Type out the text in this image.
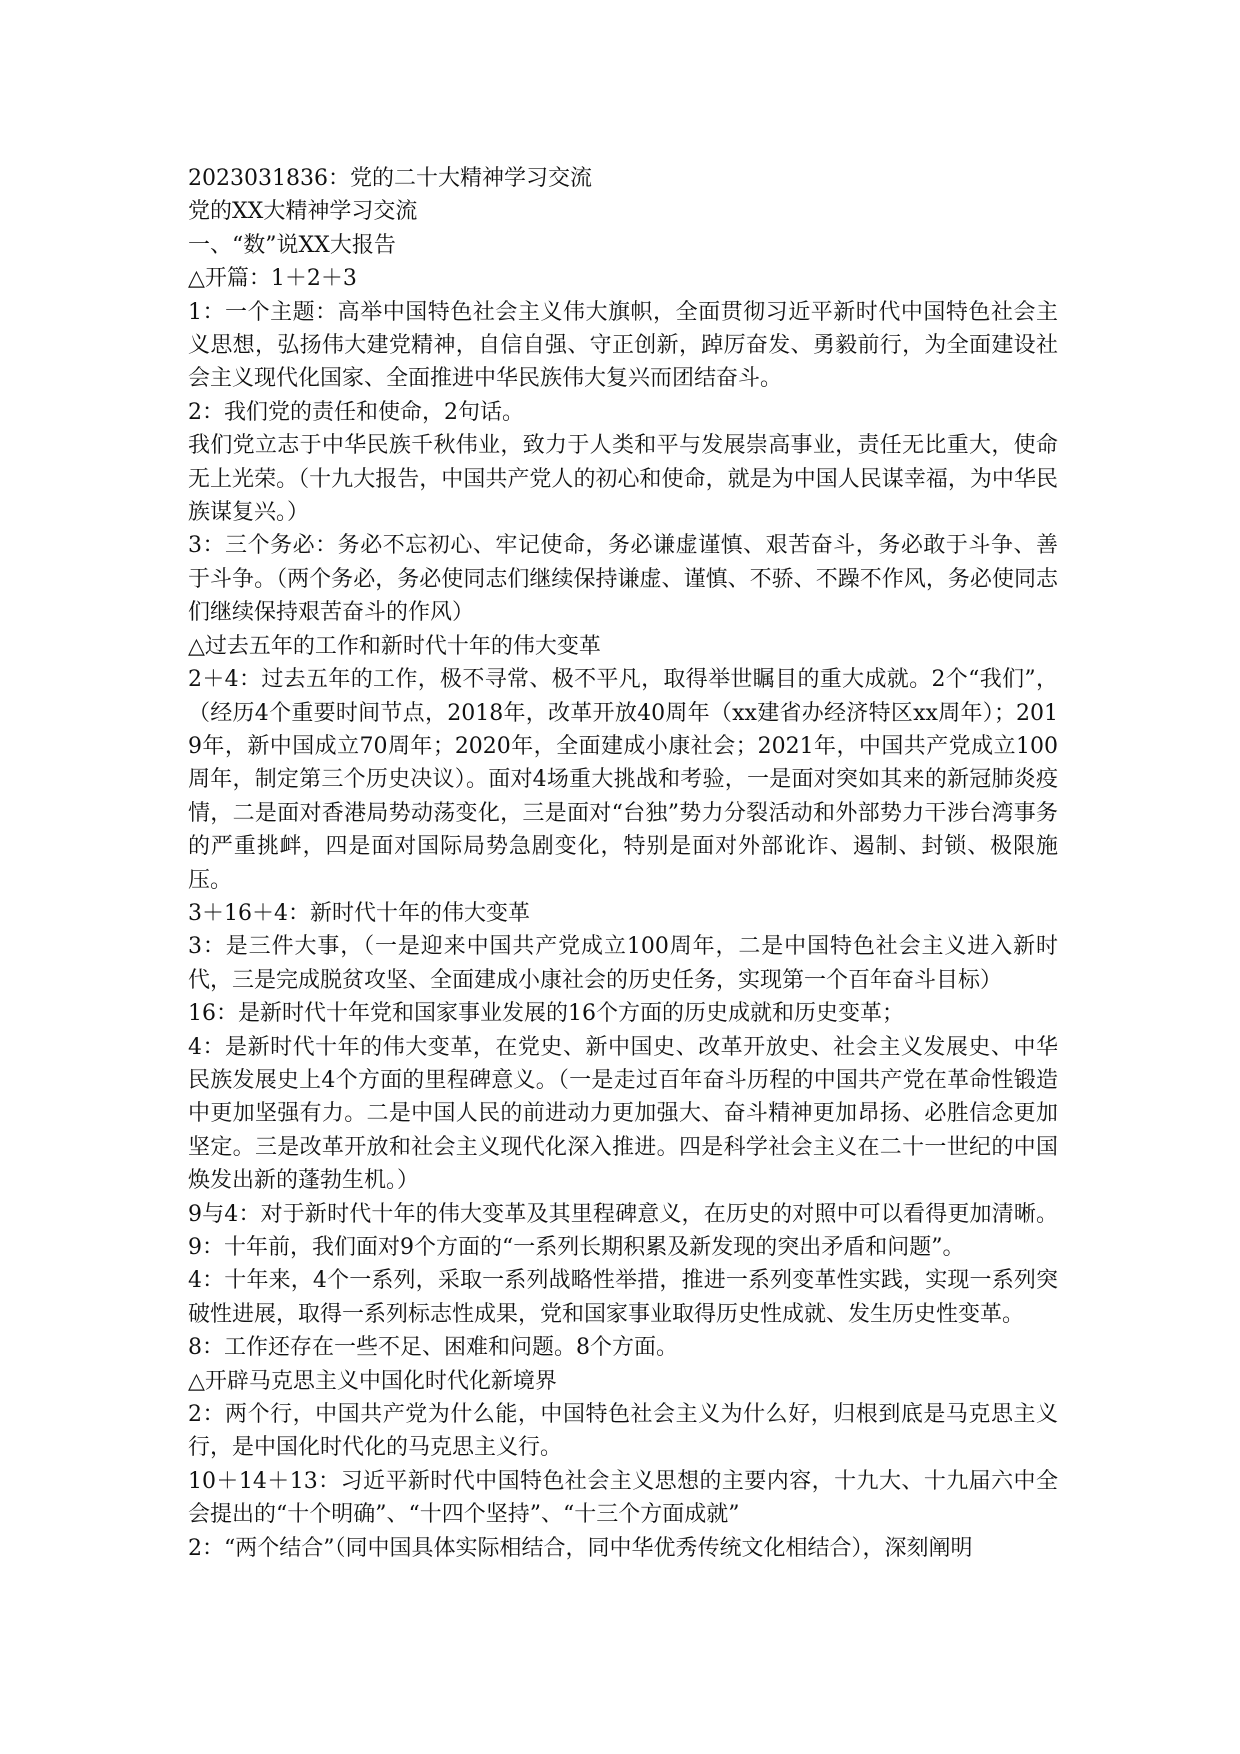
2023031836：党的二十大精神学习交流

党的XX大精神学习交流

一、“数”说XX大报告

△开篇：1＋2＋3

1：一个主题：高举中国特色社会主义伟大旗帜，全面贯彻习近平新时代中国特色社会主义思想，弘扬伟大建党精神，自信自强、守正创新，踔厉奋发、勇毅前行，为全面建设社会主义现代化国家、全面推进中华民族伟大复兴而团结奋斗。

2：我们党的责任和使命，2句话。

我们党立志于中华民族千秋伟业，致力于人类和平与发展崇高事业，责任无比重大，使命无上光荣。（十九大报告，中国共产党人的初心和使命，就是为中国人民谋幸福，为中华民族谋复兴。）

3：三个务必：务必不忘初心、牢记使命，务必谦虚谨慎、艰苦奋斗，务必敢于斗争、善于斗争。（两个务必，务必使同志们继续保持谦虚、谨慎、不骄、不躁不作风，务必使同志们继续保持艰苦奋斗的作风）

△过去五年的工作和新时代十年的伟大变革

2＋4：过去五年的工作，极不寻常、极不平凡，取得举世瞩目的重大成就。2个“我们”，（经历4个重要时间节点，2018年，改革开放40周年（xx建省办经济特区xx周年）；2019年，新中国成立70周年；2020年，全面建成小康社会；2021年，中国共产党成立100周年，制定第三个历史决议）。面对4场重大挑战和考验，一是面对突如其来的新冠肺炎疫情，二是面对香港局势动荡变化，三是面对“台独”势力分裂活动和外部势力干涉台湾事务的严重挑衅，四是面对国际局势急剧变化，特别是面对外部讹诈、遏制、封锁、极限施压。

3＋16＋4：新时代十年的伟大变革

3：是三件大事，（一是迎来中国共产党成立100周年，二是中国特色社会主义进入新时代，三是完成脱贫攻坚、全面建成小康社会的历史任务，实现第一个百年奋斗目标）

16：是新时代十年党和国家事业发展的16个方面的历史成就和历史变革；

4：是新时代十年的伟大变革，在党史、新中国史、改革开放史、社会主义发展史、中华民族发展史上4个方面的里程碑意义。（一是走过百年奋斗历程的中国共产党在革命性锻造中更加坚强有力。二是中国人民的前进动力更加强大、奋斗精神更加昂扬、必胜信念更加坚定。三是改革开放和社会主义现代化深入推进。四是科学社会主义在二十一世纪的中国焕发出新的蓬勃生机。）

9与4：对于新时代十年的伟大变革及其里程碑意义，在历史的对照中可以看得更加清晰。9：十年前，我们面对9个方面的“一系列长期积累及新发现的突出矛盾和问题”。

4：十年来，4个一系列，采取一系列战略性举措，推进一系列变革性实践，实现一系列突破性进展，取得一系列标志性成果，党和国家事业取得历史性成就、发生历史性变革。

8：工作还存在一些不足、困难和问题。8个方面。

△开辟马克思主义中国化时代化新境界

2：两个行，中国共产党为什么能，中国特色社会主义为什么好，归根到底是马克思主义行，是中国化时代化的马克思主义行。

10＋14＋13：习近平新时代中国特色社会主义思想的主要内容，十九大、十九届六中全会提出的“十个明确”、“十四个坚持”、“十三个方面成就”

2：“两个结合”（同中国具体实际相结合，同中华优秀传统文化相结合），深刻阐明
